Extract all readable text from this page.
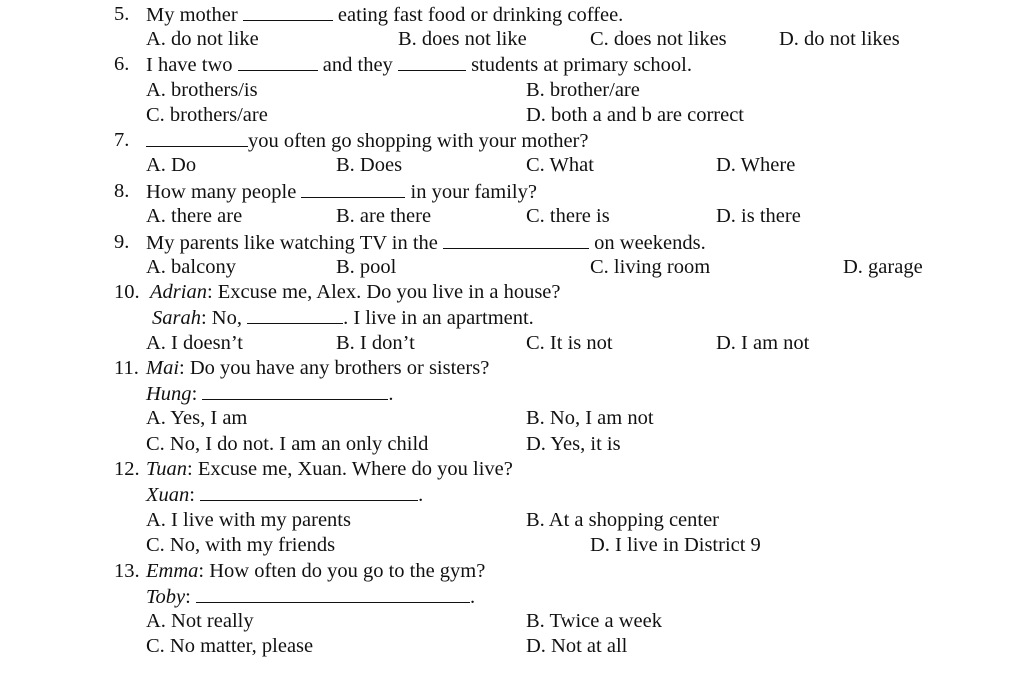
5. My mother	eating fast food or drinking coffee.
A. do not like	B. does not like	C. does not likes	D. do not likes
6. I have two	and they	students at primary school.
A. brothers/is	B. brother/are
C. brothers/are	D. both a and b are correct
7.	you often go shopping with your mother?
A. Do	B. Does	C. What	D. Where
8. How many people	in your family?
A. there are	B. are there	C. there is	D. is there
9. My parents like watching TV in the	on weekends.
A. balcony	B. pool	C. living room	D. garage
10. Adrian: Excuse me, Alex. Do you live in a house?
Sarah: No,	. I live in an apartment.
A. I doesn’t	B. I don’t	C. It is not	D. I am not
11. Mai: Do you have any brothers or sisters?
Hung:	.
A. Yes, I am	B. No, I am not
C. No, I do not. I am an only child	D. Yes, it is
12. Tuan: Excuse me, Xuan. Where do you live?
Xuan:	.
A. I live with my parents	B. At a shopping center
C. No, with my friends	D. I live in District 9
13. Emma: How often do you go to the gym?
Toby:	.
A. Not really	B. Twice a week
C. No matter, please	D. Not at all
